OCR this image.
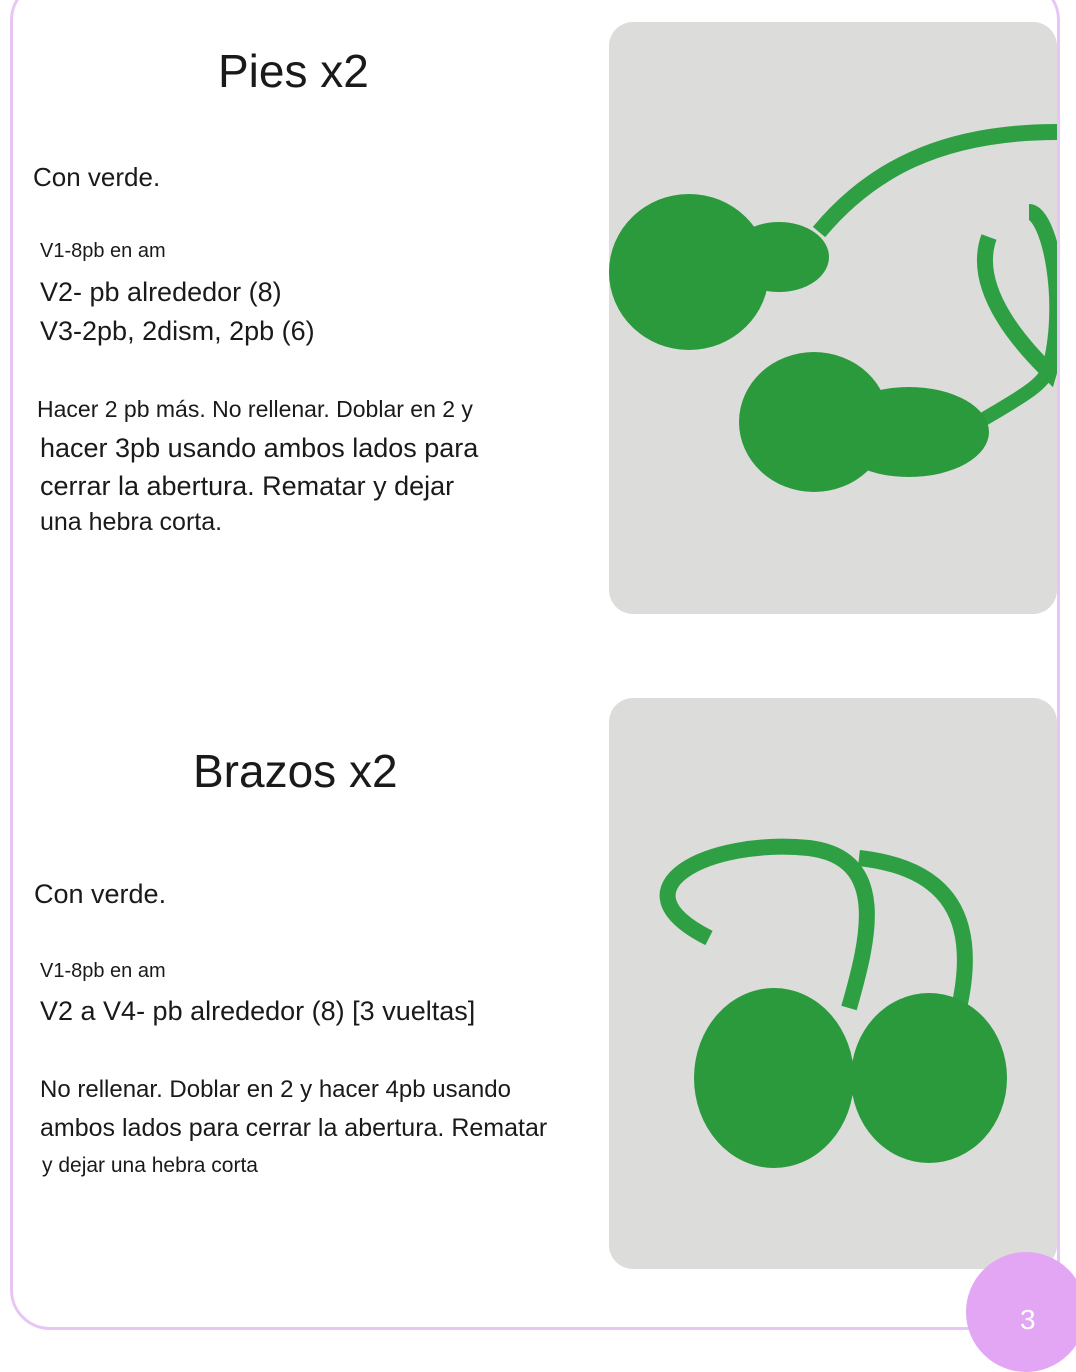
Pies x2
Con verde.
V1-8pb en am
V2- pb alrededor (8)
V3-2pb, 2dism, 2pb (6)
Hacer 2 pb más. No rellenar. Doblar en 2 y
hacer 3pb usando ambos lados para
cerrar la abertura. Rematar y dejar
una hebra corta.
Brazos x2
Con verde.
V1-8pb en am
V2 a V4- pb alrededor (8) [3 vueltas]
No rellenar. Doblar en 2 y hacer 4pb usando
ambos lados para cerrar la abertura. Rematar
y dejar una hebra corta
3
